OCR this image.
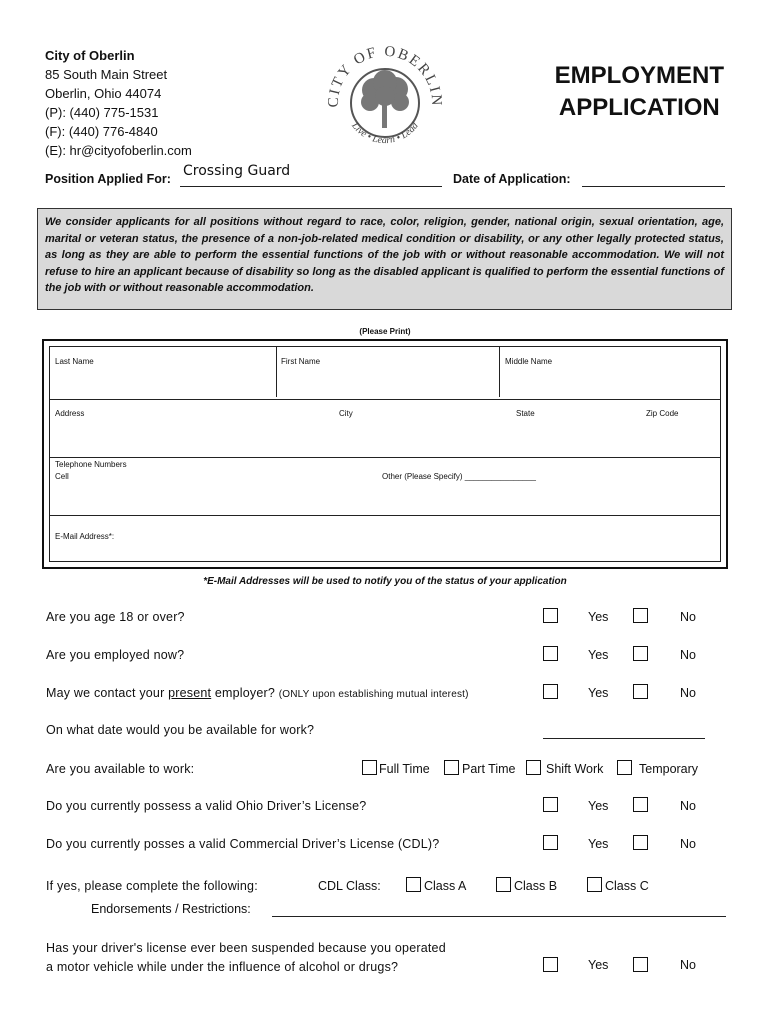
City of Oberlin
85 South Main Street
Oberlin, Ohio 44074
(P): (440) 775-1531
(F): (440) 776-4840
(E): hr@cityofoberlin.com
CITY OF OBERLIN
Live • Learn • Lead
EMPLOYMENT
APPLICATION
Position Applied For: Crossing Guard	Date of Application:
We consider applicants for all positions without regard to race, color, religion, gender, national origin, sexual orientation, age, marital or veteran status, the presence of a non-job-related medical condition or disability, or any other legally protected status, as long as they are able to perform the essential functions of the job with or without reasonable accommodation. We will not refuse to hire an applicant because of disability so long as the disabled applicant is qualified to perform the essential functions of the job with or without reasonable accommodation.
(Please Print)
Last Name	First Name	Middle Name
Address	City	State	Zip Code
Telephone Numbers
Cell	Other (Please Specify) ________________
E-Mail Address*:
*E-Mail Addresses will be used to notify you of the status of your application
Are you age 18 or over?	Yes	No
Are you employed now?	Yes	No
May we contact your present employer? (ONLY upon establishing mutual interest)	Yes	No
On what date would you be available for work?
Are you available to work:	Full Time	Part Time Shift Work	Temporary
Do you currently possess a valid Ohio Driver’s License?	Yes	No
Do you currently posses a valid Commercial Driver’s License (CDL)?	Yes	No
If yes, please complete the following:	CDL Class:	Class A	Class B	Class C
Endorsements / Restrictions:
Has your driver's license ever been suspended because you operated
a motor vehicle while under the influence of alcohol or drugs?	Yes	No
